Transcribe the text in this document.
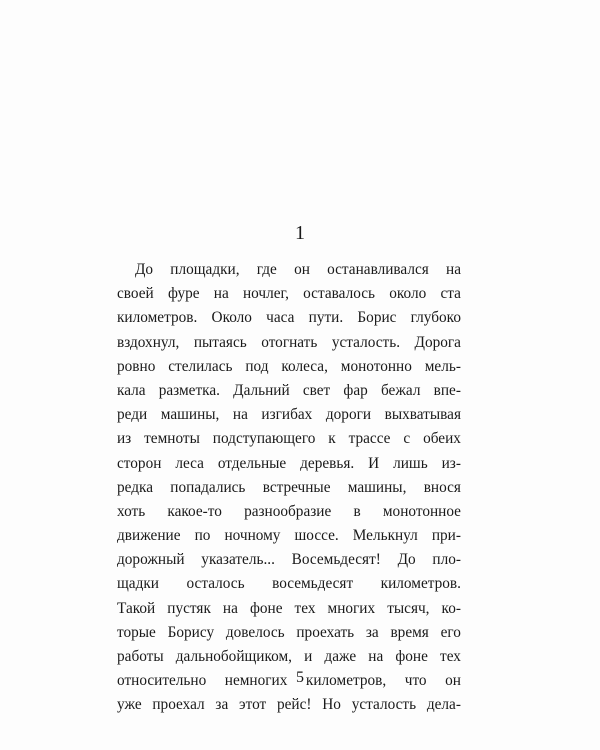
1
До площадки, где он останавливался на
своей фуре на ночлег, оставалось около ста
километров. Около часа пути. Борис глубоко
вздохнул, пытаясь отогнать усталость. Дорога
ровно стелилась под колеса, монотонно мель-
кала разметка. Дальний свет фар бежал впе-
реди машины, на изгибах дороги выхватывая
из темноты подступающего к трассе с обеих
сторон леса отдельные деревья. И лишь из-
редка попадались встречные машины, внося
хоть какое-то разнообразие в монотонное
движение по ночному шоссе. Мелькнул при-
дорожный указатель... Восемьдесят! До пло-
щадки осталось восемьдесят километров.
Такой пустяк на фоне тех многих тысяч, ко-
торые Борису довелось проехать за время его
работы дальнобойщиком, и даже на фоне тех
относительно немногих километров, что он
уже проехал за этот рейс! Но усталость дела-
5
